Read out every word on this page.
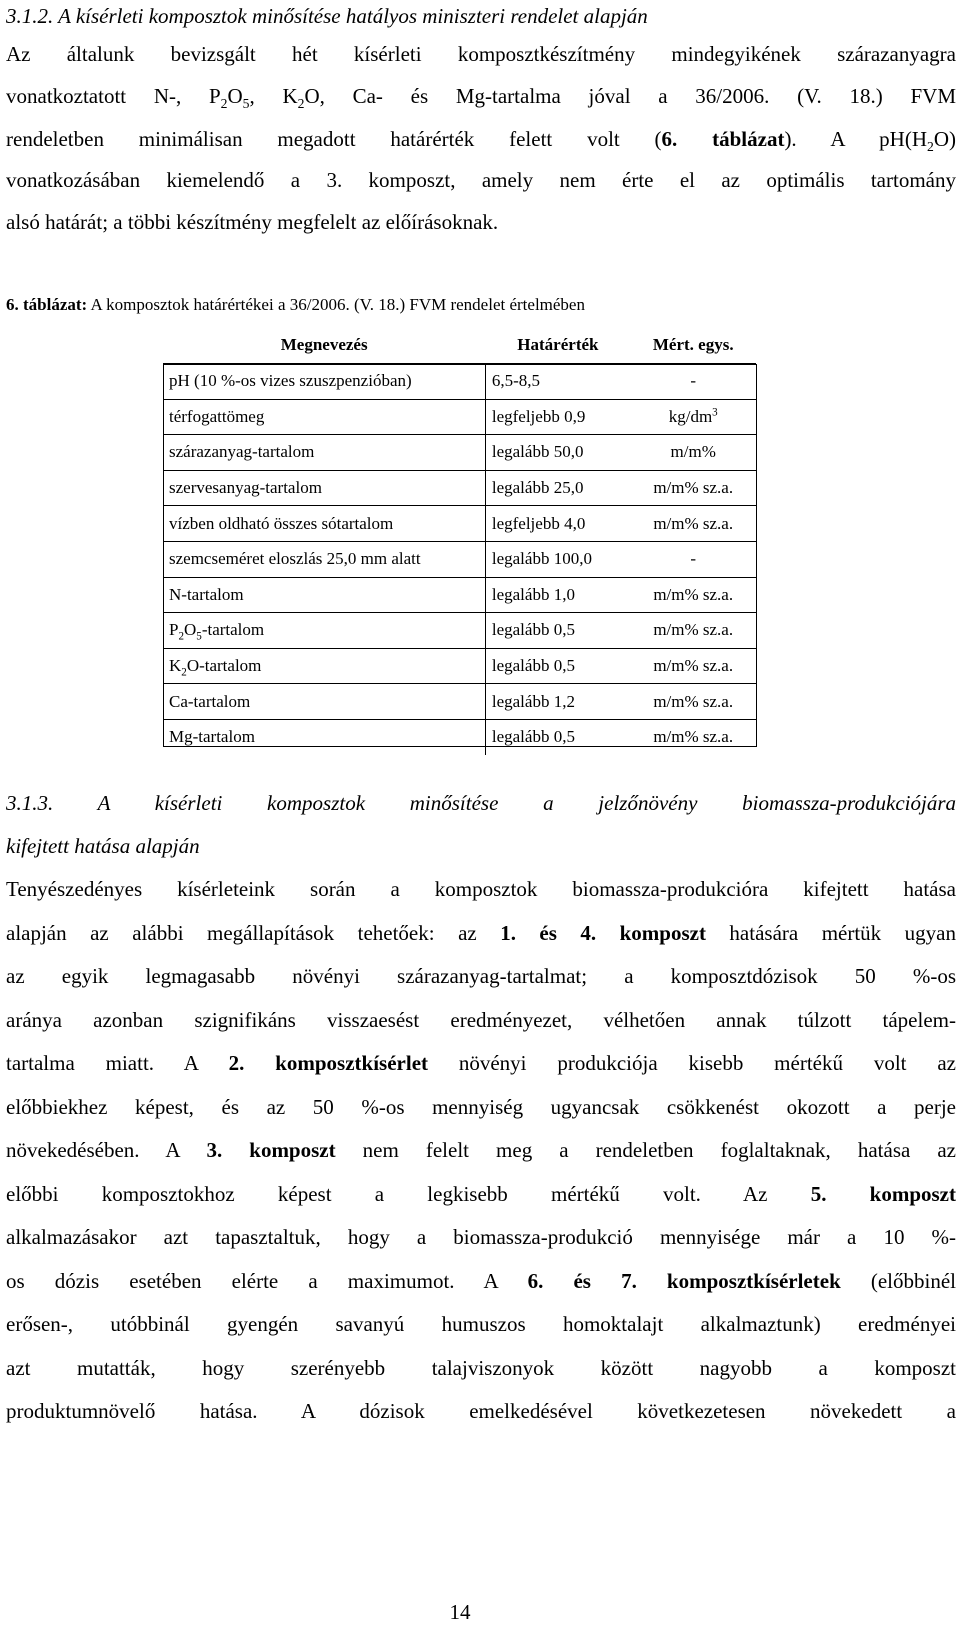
3.1.2. A kísérleti komposztok minősítése hatályos miniszteri rendelet alapján
Az általunk bevizsgált hét kísérleti komposztkészítmény mindegyikének szárazanyagra
vonatkoztatott N-, $P_2O_5$, $K_2O$, Ca- és Mg-tartalma jóval a 36/2006. (V. 18.) FVM
rendeletben minimálisan megadott határérték felett volt (6. táblázat). A $pH(H_2O)$
vonatkozásában kiemelendő a 3. komposzt, amely nem érte el az optimális tartomány
alsó határát; a többi készítmény megfelelt az előírásoknak.
6. táblázat: A komposztok határértékei a 36/2006. (V. 18.) FVM rendelet értelmében
Megnevezés	Határérték	Mért. egys.
pH (10 %-os vizes szuszpenzióban)	6,5-8,5	-
térfogattömeg	legfeljebb 0,9	$kg/dm^3$
szárazanyag-tartalom	legalább 50,0	m/m%
szervesanyag-tartalom	legalább 25,0	m/m% sz.a.
vízben oldható összes sótartalom	legfeljebb 4,0	m/m% sz.a.
szemcseméret eloszlás 25,0 mm alatt	legalább 100,0	-
N-tartalom	legalább 1,0	m/m% sz.a.
$P_2O_5$-tartalom	legalább 0,5	m/m% sz.a.
$K_2O$-tartalom	legalább 0,5	m/m% sz.a.
Ca-tartalom	legalább 1,2	m/m% sz.a.
Mg-tartalom	legalább 0,5	m/m% sz.a.
3.1.3. A kísérleti komposztok minősítése a jelzőnövény biomassza-produkciójára
kifejtett hatása alapján
Tenyészedényes kísérleteink során a komposztok biomassza-produkcióra kifejtett hatása
alapján az alábbi megállapítások tehetőek: az 1. és 4. komposzt hatására mértük ugyan
az egyik legmagasabb növényi szárazanyag-tartalmat; a komposztdózisok 50 %-os
aránya azonban szignifikáns visszaesést eredményezet, vélhetően annak túlzott tápelem-
tartalma miatt. A 2. komposztkísérlet növényi produkciója kisebb mértékű volt az
előbbiekhez képest, és az 50 %-os mennyiség ugyancsak csökkenést okozott a perje
növekedésében. A 3. komposzt nem felelt meg a rendeletben foglaltaknak, hatása az
előbbi komposztokhoz képest a legkisebb mértékű volt. Az 5. komposzt
alkalmazásakor azt tapasztaltuk, hogy a biomassza-produkció mennyisége már a 10 %-
os dózis esetében elérte a maximumot. A 6. és 7. komposztkísérletek (előbbinél
erősen-, utóbbinál gyengén savanyú humuszos homoktalajt alkalmaztunk) eredményei
azt mutatták, hogy szerényebb talajviszonyok között nagyobb a komposzt
produktumnövelő hatása. A dózisok emelkedésével következetesen növekedett a
14
